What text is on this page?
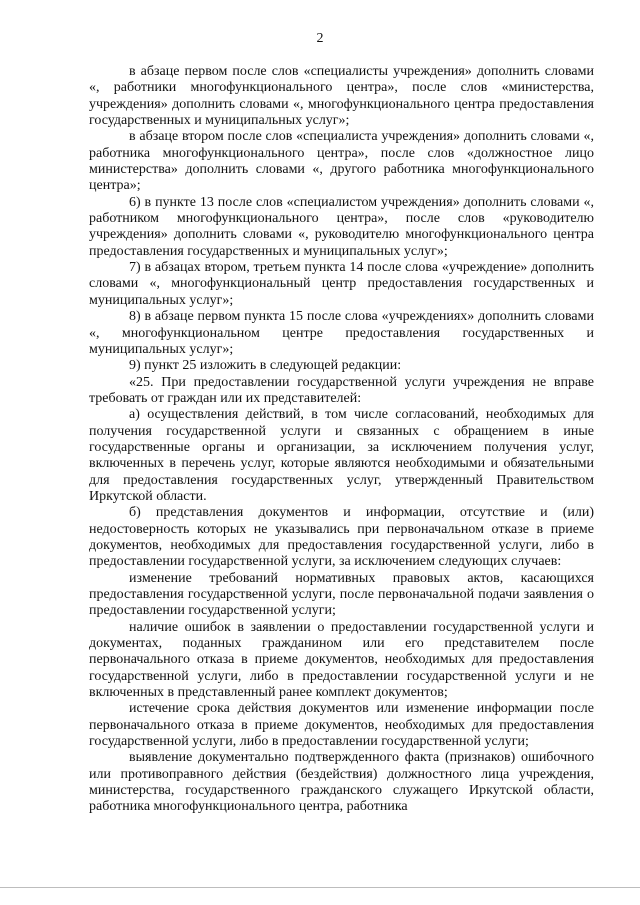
2

в абзаце первом после слов «специалисты учреждения» дополнить словами «, работники многофункционального центра», после слов «министерства, учреждения» дополнить словами «, многофункционального центра предоставления государственных и муниципальных услуг»;

в абзаце втором после слов «специалиста учреждения» дополнить словами «, работника многофункционального центра», после слов «должностное лицо министерства» дополнить словами «, другого работника многофункционального центра»;

6) в пункте 13 после слов «специалистом учреждения» дополнить словами «, работником многофункционального центра», после слов «руководителю учреждения» дополнить словами «, руководителю многофункционального центра предоставления государственных и муниципальных услуг»;

7) в абзацах втором, третьем пункта 14 после слова «учреждение» дополнить словами «, многофункциональный центр предоставления государственных и муниципальных услуг»;

8) в абзаце первом пункта 15 после слова «учреждениях» дополнить словами «, многофункциональном центре предоставления государственных и муниципальных услуг»;

9) пункт 25 изложить в следующей редакции:

«25. При предоставлении государственной услуги учреждения не вправе требовать от граждан или их представителей:

а) осуществления действий, в том числе согласований, необходимых для получения государственной услуги и связанных с обращением в иные государственные органы и организации, за исключением получения услуг, включенных в перечень услуг, которые являются необходимыми и обязательными для предоставления государственных услуг, утвержденный Правительством Иркутской области.

б) представления документов и информации, отсутствие и (или) недостоверность которых не указывались при первоначальном отказе в приеме документов, необходимых для предоставления государственной услуги, либо в предоставлении государственной услуги, за исключением следующих случаев:

изменение требований нормативных правовых актов, касающихся предоставления государственной услуги, после первоначальной подачи заявления о предоставлении государственной услуги;

наличие ошибок в заявлении о предоставлении государственной услуги и документах, поданных гражданином или его представителем после первоначального отказа в приеме документов, необходимых для предоставления государственной услуги, либо в предоставлении государственной услуги и не включенных в представленный ранее комплект документов;

истечение срока действия документов или изменение информации после первоначального отказа в приеме документов, необходимых для предоставления государственной услуги, либо в предоставлении государственной услуги;

выявление документально подтвержденного факта (признаков) ошибочного или противоправного действия (бездействия) должностного лица учреждения, министерства, государственного гражданского служащего Иркутской области, работника многофункционального центра, работника
